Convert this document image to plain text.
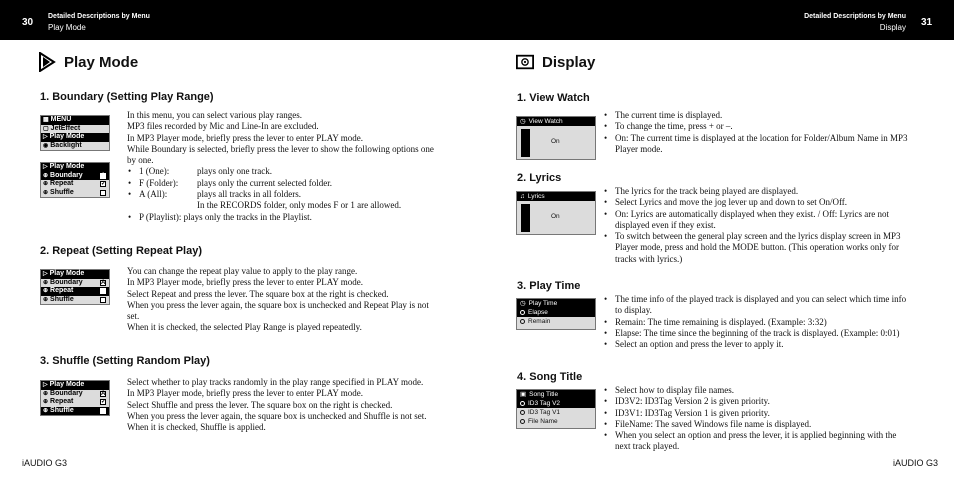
30
Detailed Descriptions by Menu
Play Mode
Detailed Descriptions by Menu
Display 31
Play Mode
1. Boundary (Setting Play Range)
▦ MENU
▢ JetEffect
▷ Play Mode
◉ Backlight
▷ Play Mode
⊕ Boundary	A
⊕ Repeat	✓
⊕ Shuffle

In this menu, you can select various play ranges.

MP3 files recorded by Mic and Line-In are excluded.

In MP3 Player mode, briefly press the lever to enter PLAY mode.

While Boundary is selected, briefly press the lever to show the following options one by one.

• 1 (One):	plays only one track.
• F (Folder): plays only the current selected folder.
• A (All):	plays all tracks in all folders.
In the RECORDS folder, only modes F or 1 are allowed.
• P (Playlist): plays only the tracks in the Playlist.
2. Repeat (Setting Repeat Play)
▷ Play Mode
⊕ Boundary	A
⊕ Repeat	✓
⊕ Shuffle

You can change the repeat play value to apply to the play range.

In MP3 Player mode, briefly press the lever to enter PLAY mode.

Select Repeat and press the lever. The square box at the right is checked.

When you press the lever again, the square box is unchecked and Repeat Play is not set.

When it is checked, the selected Play Range is played repeatedly.

3. Shuffle (Setting Random Play)
▷ Play Mode
⊕ Boundary	A
⊕ Repeat	✓
⊕ Shuffle	✓

Select whether to play tracks randomly in the play range specified in PLAY mode.

In MP3 Player mode, briefly press the lever to enter PLAY mode.

Select Shuffle and press the lever. The square box on the right is checked.

When you press the lever again, the square box is unchecked and Shuffle is not set.

When it is checked, Shuffle is applied.

iAUDIO G3
Display
1. View Watch
◷ View Watch
On
• The current time is displayed.
• To change the time, press + or –.
• On: The current time is displayed at the location for Folder/Album Name in MP3 Player mode.
2. Lyrics
♫ Lyrics
On
• The lyrics for the track being played are displayed.
• Select Lyrics and move the jog lever up and down to set On/Off.
• On: Lyrics are automatically displayed when they exist. / Off: Lyrics are not displayed even if they exist.
• To switch between the general play screen and the lyrics display screen in MP3 Player mode, press and hold the MODE button. (This operation works only for tracks with lyrics.)
3. Play Time
◷ Play Time
Elapse
Remain
• The time info of the played track is displayed and you can select which time info to display.
• Remain: The time remaining is displayed. (Example: 3:32)
• Elapse: The time since the beginning of the track is displayed. (Example: 0:01)
• Select an option and press the lever to apply it.
4. Song Title
▣ Song Title
ID3 Tag V2
ID3 Tag V1
File Name
• Select how to display file names.
• ID3V2: ID3Tag Version 2 is given priority.
• ID3V1: ID3Tag Version 1 is given priority.
• FileName: The saved Windows file name is displayed.
• When you select an option and press the lever, it is applied beginning with the next track played.
iAUDIO G3
